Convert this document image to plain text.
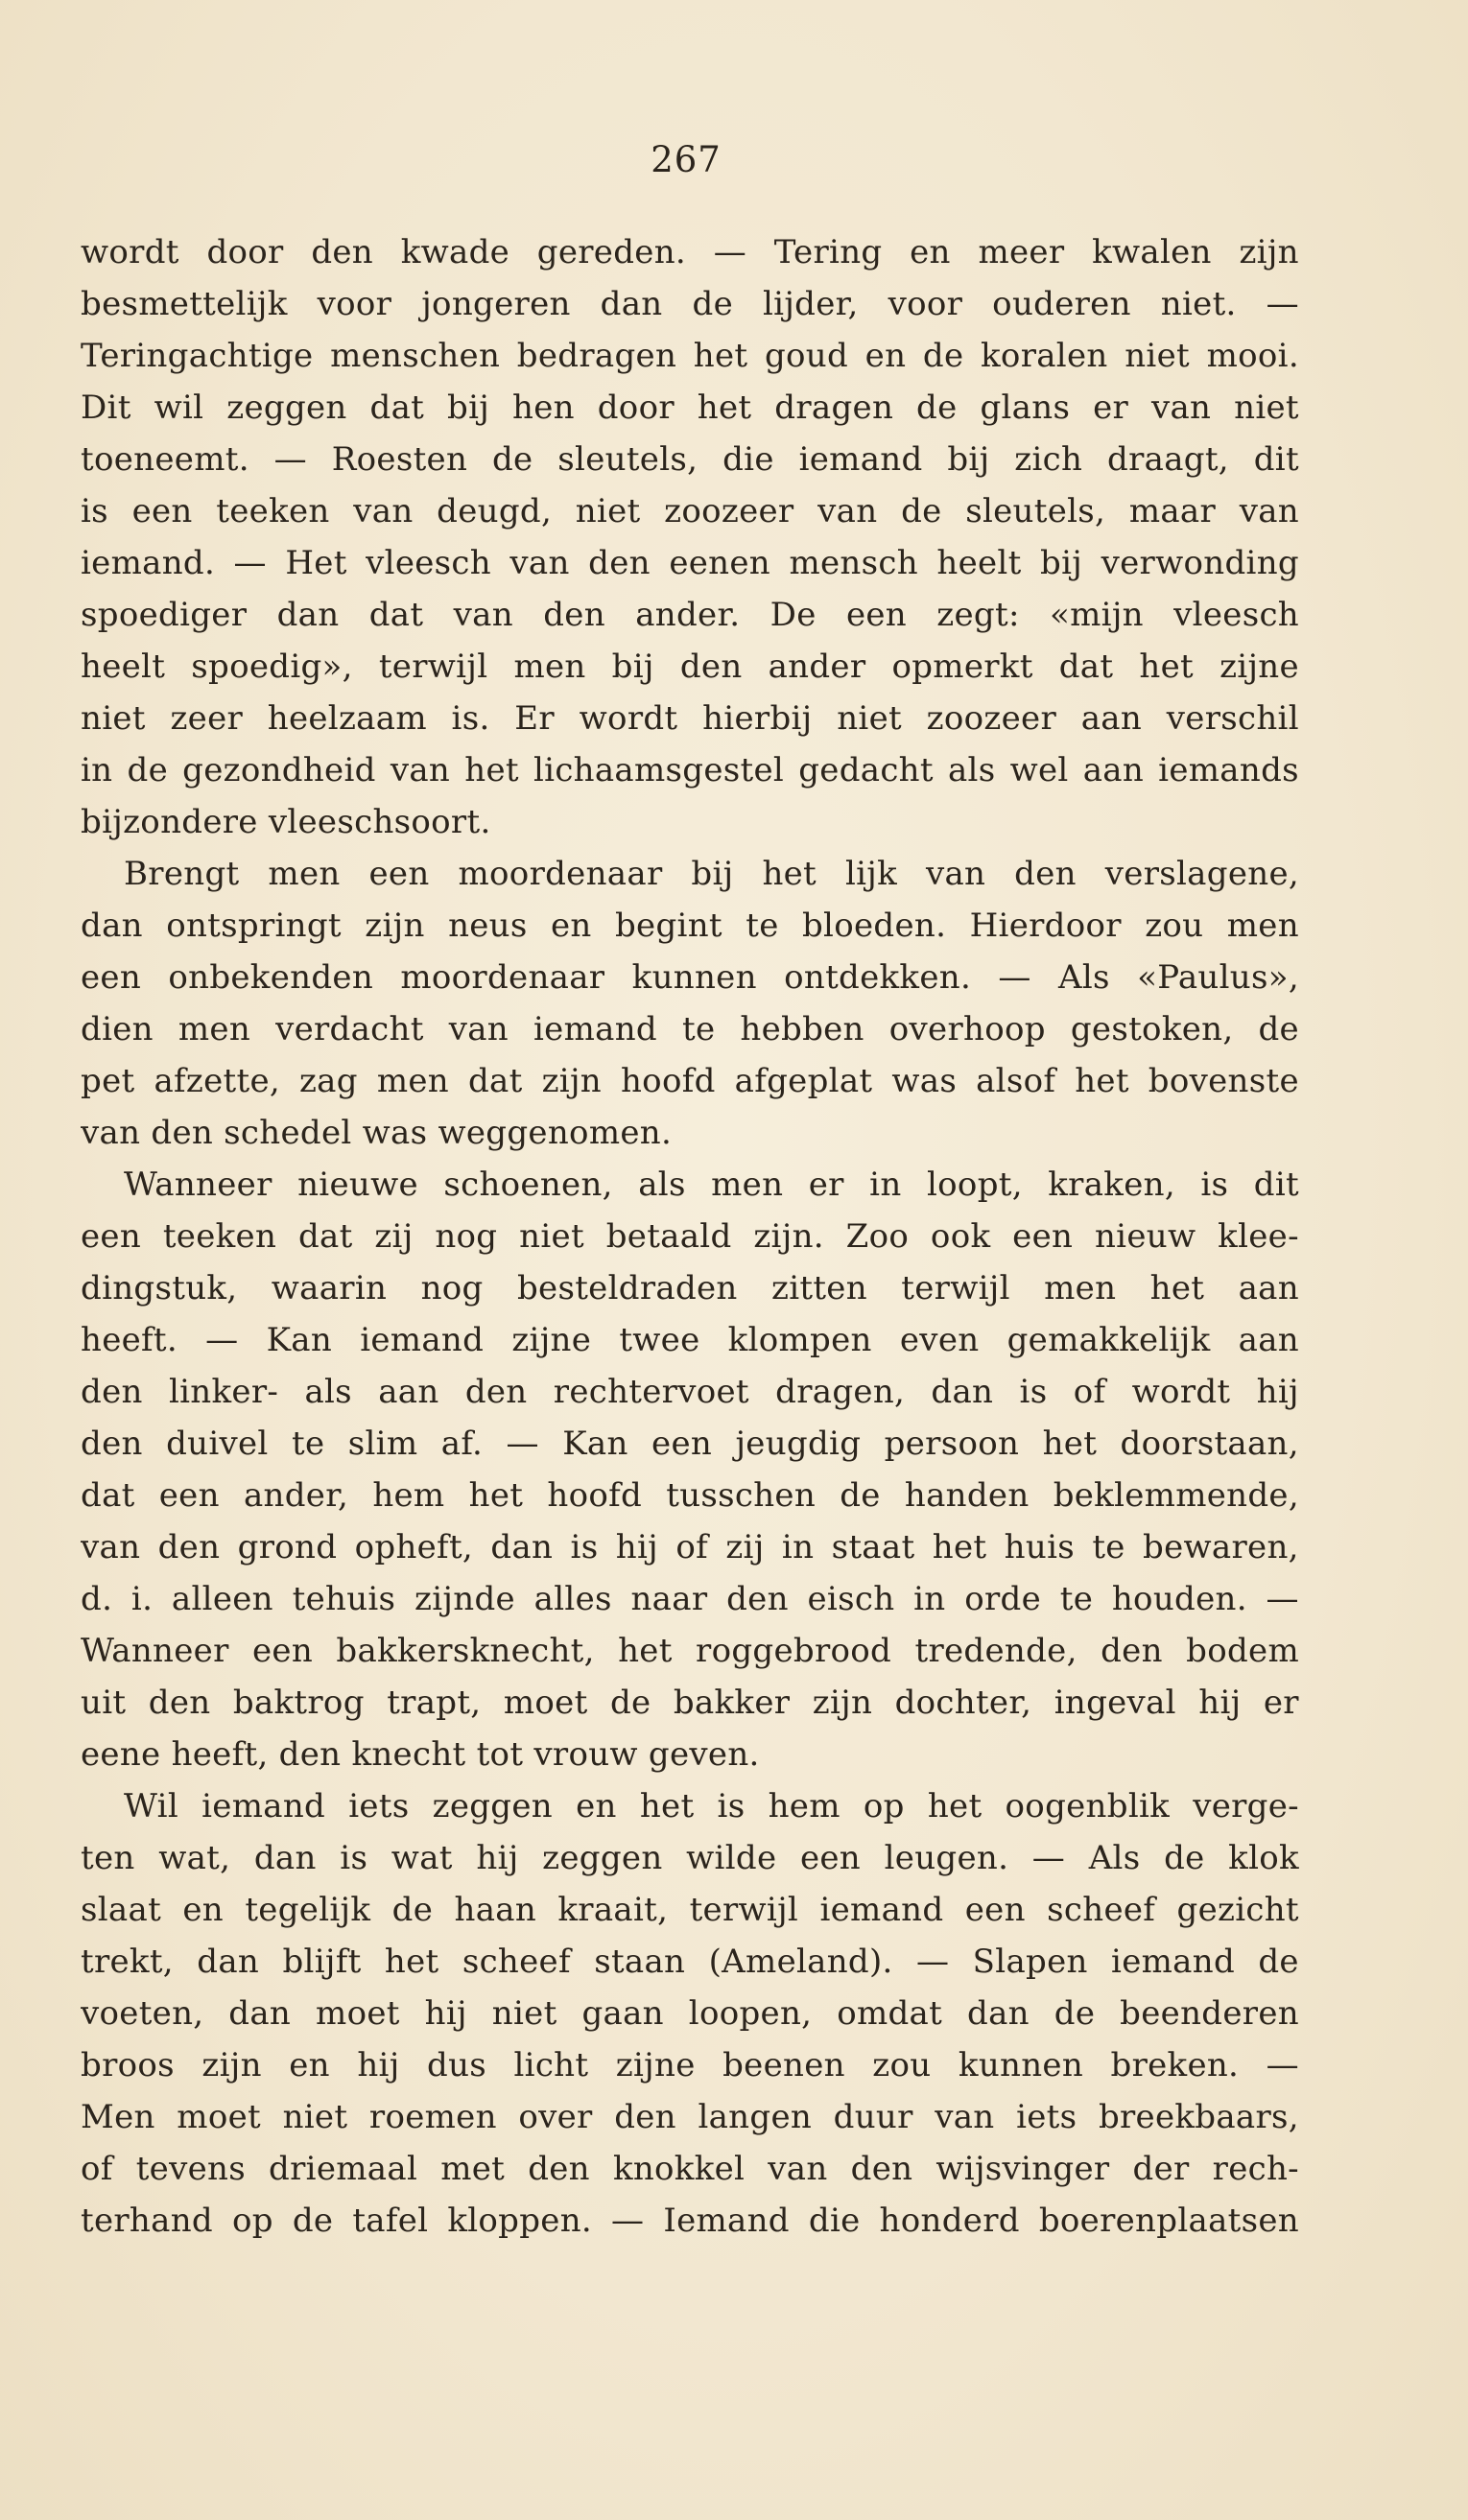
267
wordt door den kwade gereden. — Tering en meer kwalen zijn
besmettelijk voor jongeren dan de lijder, voor ouderen niet. —
Teringachtige menschen bedragen het goud en de koralen niet mooi.
Dit wil zeggen dat bij hen door het dragen de glans er van niet
toeneemt. — Roesten de sleutels, die iemand bij zich draagt, dit
is een teeken van deugd, niet zoozeer van de sleutels, maar van
iemand. — Het vleesch van den eenen mensch heelt bij verwonding
spoediger dan dat van den ander. De een zegt: «mijn vleesch
heelt spoedig», terwijl men bij den ander opmerkt dat het zijne
niet zeer heelzaam is. Er wordt hierbij niet zoozeer aan verschil
in de gezondheid van het lichaamsgestel gedacht als wel aan iemands
bijzondere vleeschsoort.
Brengt men een moordenaar bij het lijk van den verslagene,
dan ontspringt zijn neus en begint te bloeden. Hierdoor zou men
een onbekenden moordenaar kunnen ontdekken. — Als «Paulus»,
dien men verdacht van iemand te hebben overhoop gestoken, de
pet afzette, zag men dat zijn hoofd afgeplat was alsof het bovenste
van den schedel was weggenomen.
Wanneer nieuwe schoenen, als men er in loopt, kraken, is dit
een teeken dat zij nog niet betaald zijn. Zoo ook een nieuw klee-
dingstuk, waarin nog besteldraden zitten terwijl men het aan
heeft. — Kan iemand zijne twee klompen even gemakkelijk aan
den linker- als aan den rechtervoet dragen, dan is of wordt hij
den duivel te slim af. — Kan een jeugdig persoon het doorstaan,
dat een ander, hem het hoofd tusschen de handen beklemmende,
van den grond opheft, dan is hij of zij in staat het huis te bewaren,
d. i. alleen tehuis zijnde alles naar den eisch in orde te houden. —
Wanneer een bakkersknecht, het roggebrood tredende, den bodem
uit den baktrog trapt, moet de bakker zijn dochter, ingeval hij er
eene heeft, den knecht tot vrouw geven.
Wil iemand iets zeggen en het is hem op het oogenblik verge-
ten wat, dan is wat hij zeggen wilde een leugen. — Als de klok
slaat en tegelijk de haan kraait, terwijl iemand een scheef gezicht
trekt, dan blijft het scheef staan (Ameland). — Slapen iemand de
voeten, dan moet hij niet gaan loopen, omdat dan de beenderen
broos zijn en hij dus licht zijne beenen zou kunnen breken. —
Men moet niet roemen over den langen duur van iets breekbaars,
of tevens driemaal met den knokkel van den wijsvinger der rech-
terhand op de tafel kloppen. — Iemand die honderd boerenplaatsen
